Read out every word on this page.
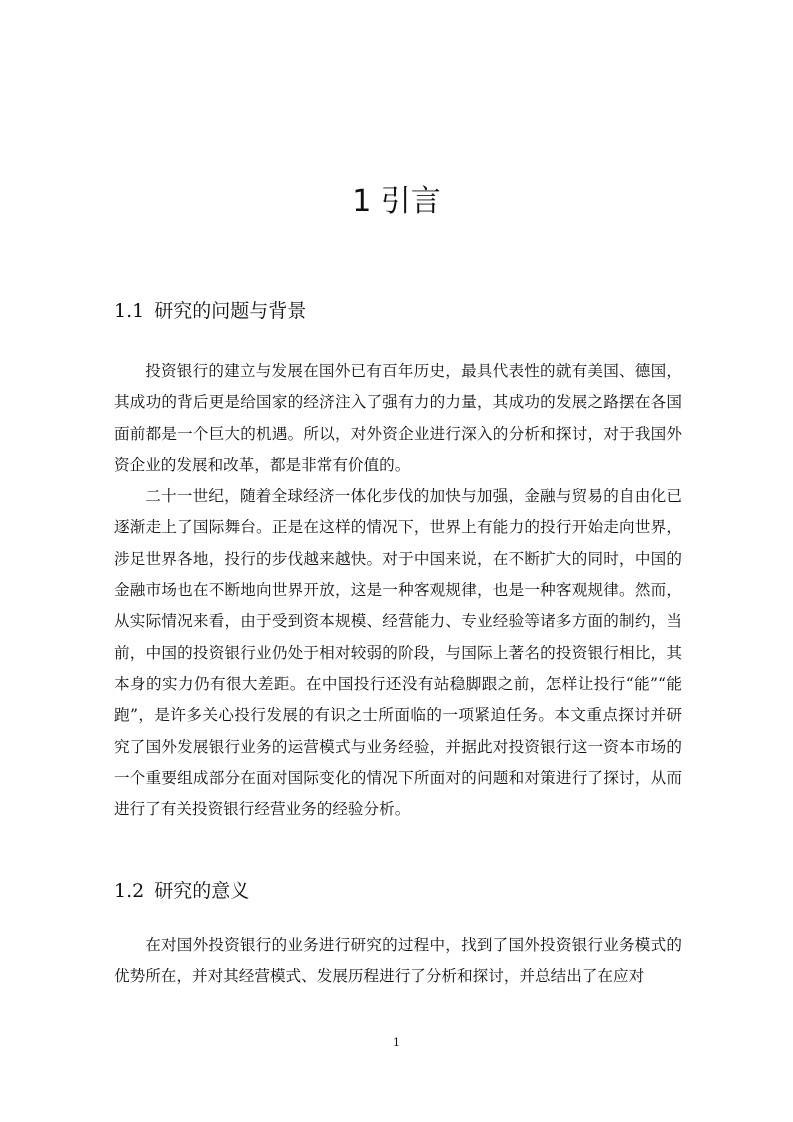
1 引言
1.1 研究的问题与背景

投资银行的建立与发展在国外已有百年历史，最具代表性的就有美国、德国，其成功的背后更是给国家的经济注入了强有力的力量，其成功的发展之路摆在各国面前都是一个巨大的机遇。所以，对外资企业进行深入的分析和探讨，对于我国外资企业的发展和改革，都是非常有价值的。

二十一世纪，随着全球经济一体化步伐的加快与加强，金融与贸易的自由化已逐渐走上了国际舞台。正是在这样的情况下，世界上有能力的投行开始走向世界，涉足世界各地，投行的步伐越来越快。对于中国来说，在不断扩大的同时，中国的金融市场也在不断地向世界开放，这是一种客观规律，也是一种客观规律。然而，从实际情况来看，由于受到资本规模、经营能力、专业经验等诸多方面的制约，当前，中国的投资银行业仍处于相对较弱的阶段，与国际上著名的投资银行相比，其本身的实力仍有很大差距。在中国投行还没有站稳脚跟之前，怎样让投行“能”“能跑”，是许多关心投行发展的有识之士所面临的一项紧迫任务。本文重点探讨并研究了国外发展银行业务的运营模式与业务经验，并据此对投资银行这一资本市场的一个重要组成部分在面对国际变化的情况下所面对的问题和对策进行了探讨，从而进行了有关投资银行经营业务的经验分析。

1.2 研究的意义

在对国外投资银行的业务进行研究的过程中，找到了国外投资银行业务模式的优势所在，并对其经营模式、发展历程进行了分析和探讨，并总结出了在应对

1
